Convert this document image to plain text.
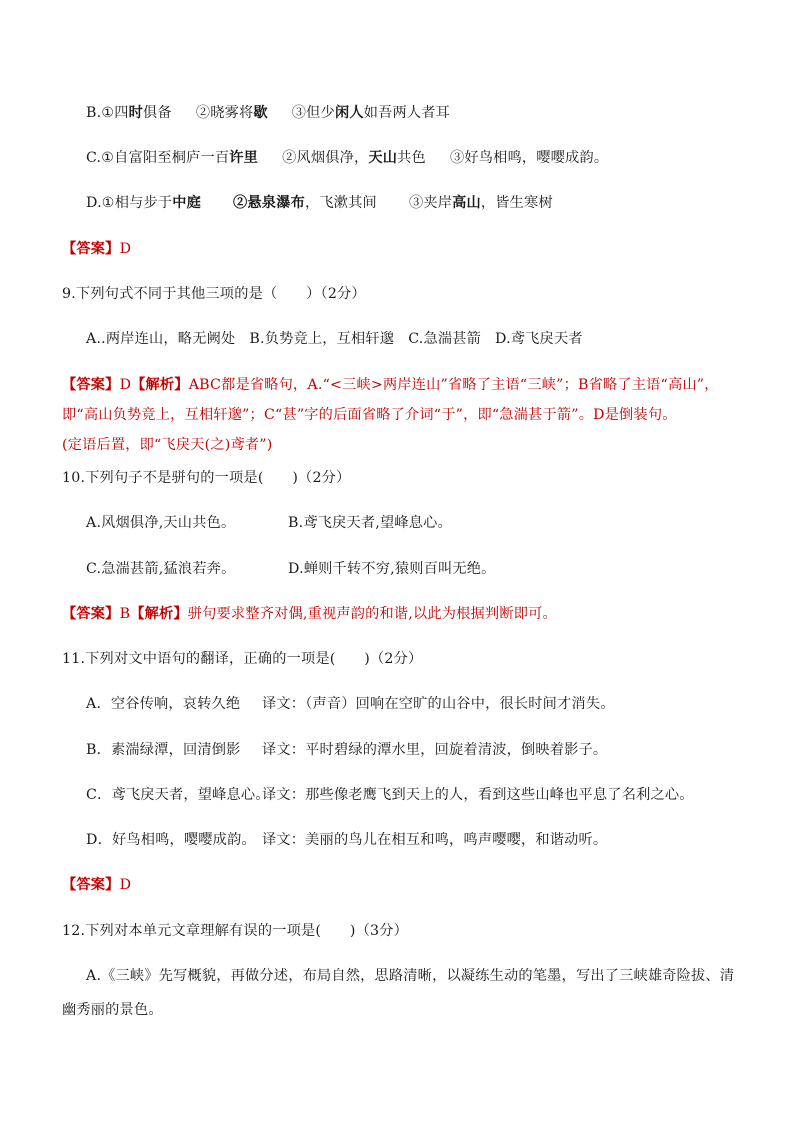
B.①四时俱备 ②晓雾将歇 ③但少闲人如吾两人者耳
C.①自富阳至桐庐一百许里 ②风烟俱净，天山共色 ③好鸟相鸣，嘤嘤成韵。
D.①相与步于中庭 ②悬泉瀑布，飞漱其间 ③夹岸高山，皆生寒树
【答案】D
9.下列句式不同于其他三项的是（　　）（2分）
A..两岸连山，略无阙处 B.负势竞上，互相轩邈 C.急湍甚箭 D.鸢飞戾天者
【答案】D【解析】ABC都是省略句，A.“<三峡>两岸连山”省略了主语“三峡”；B省略了主语“高山”，
即“高山负势竞上，互相轩邈”；C“甚”字的后面省略了介词“于”，即“急湍甚于箭”。D是倒装句。
(定语后置，即“飞戾天(之)鸢者”)
10.下列句子不是骈句的一项是(　　)（2分）
A.风烟俱净,天山共色。	B.鸢飞戾天者,望峰息心。
C.急湍甚箭,猛浪若奔。	D.蝉则千转不穷,猿则百叫无绝。
【答案】B【解析】骈句要求整齐对偶,重视声韵的和谐,以此为根据判断即可。
11.下列对文中语句的翻译，正确的一项是(　　)（2分）
A．空谷传响，哀转久绝 译文：（声音）回响在空旷的山谷中，很长时间才消失。
B．素湍绿潭，回清倒影 译文：平时碧绿的潭水里，回旋着清波，倒映着影子。
C．鸢飞戾天者，望峰息心。
译文：那些像老鹰飞到天上的人，看到这些山峰也平息了名利之心。
D．好鸟相鸣，嘤嘤成韵。 译文：美丽的鸟儿在相互和鸣，鸣声嘤嘤，和谐动听。
【答案】D
12.下列对本单元文章理解有误的一项是(　　)（3分）
A.《三峡》先写概貌，再做分述，布局自然，思路清晰，以凝练生动的笔墨，写出了三峡雄奇险拔、清
幽秀丽的景色。
